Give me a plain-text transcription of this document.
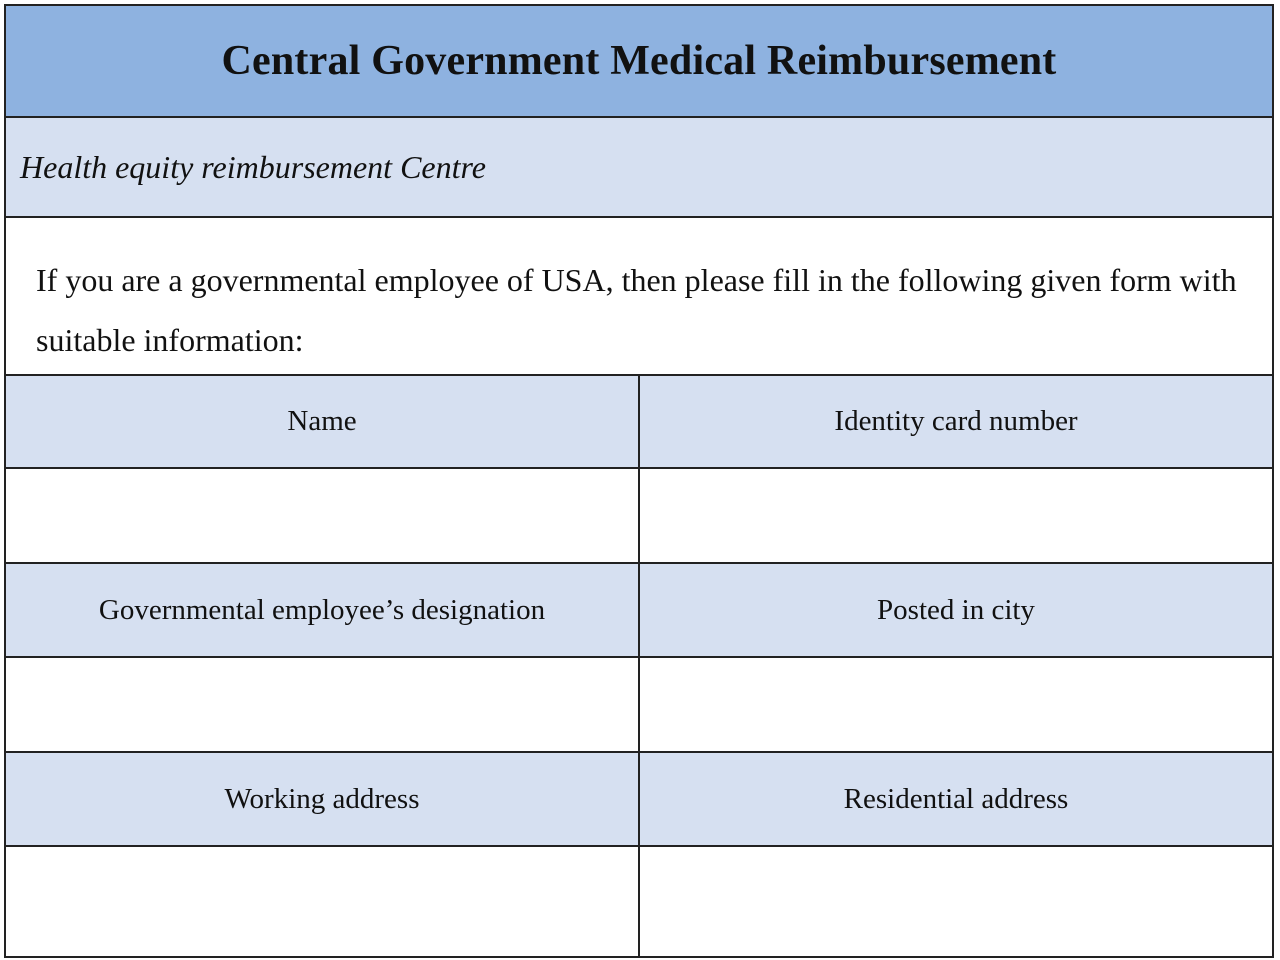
Central Government Medical Reimbursement
Health equity reimbursement Centre

If you are a governmental employee of USA, then please fill in the following given form with suitable information:

Name	Identity card number
Governmental employee’s designation	Posted in city
Working address	Residential address
